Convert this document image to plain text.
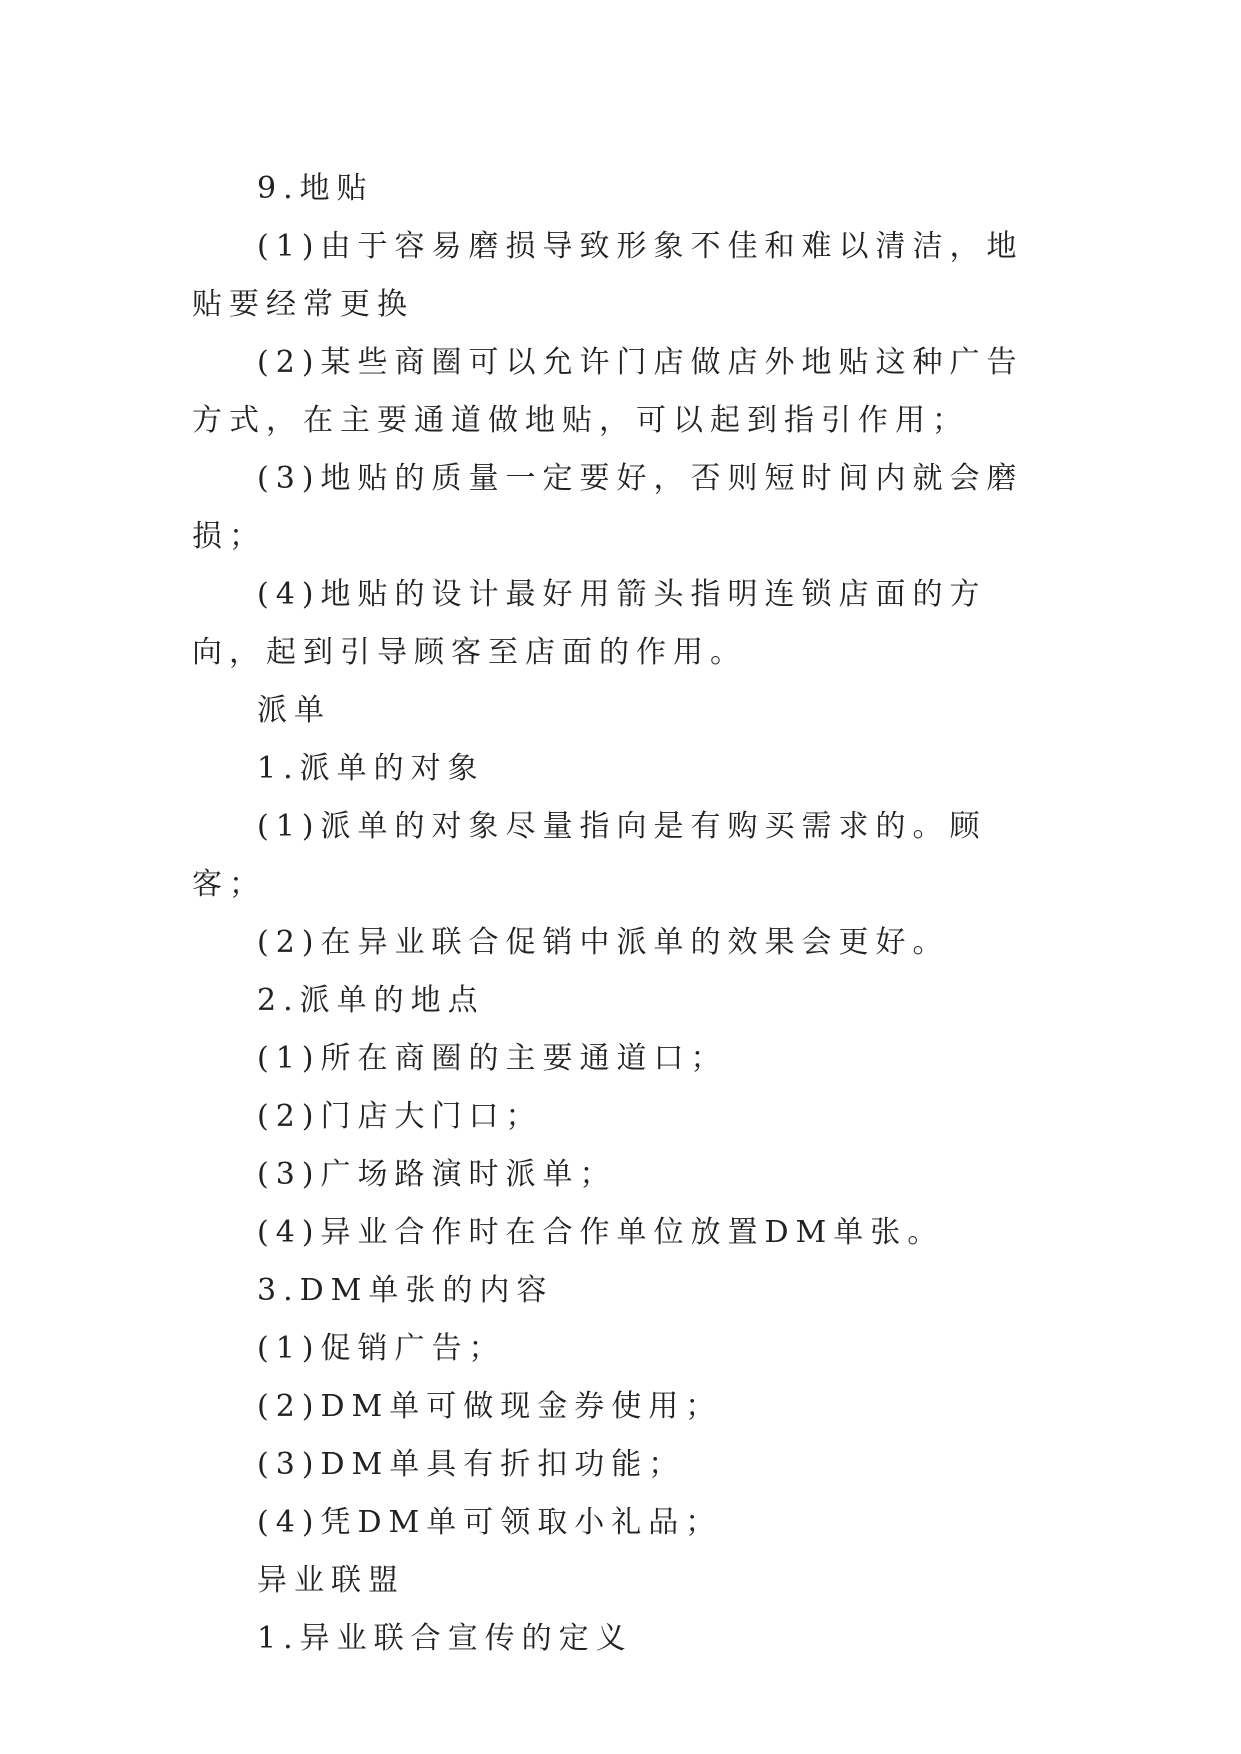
9.地贴

(1)由于容易磨损导致形象不佳和难以清洁，地贴要经常更换

(2)某些商圈可以允许门店做店外地贴这种广告方式，在主要通道做地贴，可以起到指引作用；

(3)地贴的质量一定要好，否则短时间内就会磨损；

(4)地贴的设计最好用箭头指明连锁店面的方向，起到引导顾客至店面的作用。

派单

1.派单的对象

(1)派单的对象尽量指向是有购买需求的。顾客；

(2)在异业联合促销中派单的效果会更好。

2.派单的地点

(1)所在商圈的主要通道口；

(2)门店大门口；

(3)广场路演时派单；

(4)异业合作时在合作单位放置DM单张。

3.DM单张的内容

(1)促销广告；

(2)DM单可做现金券使用；

(3)DM单具有折扣功能；

(4)凭DM单可领取小礼品；

异业联盟

1.异业联合宣传的定义
